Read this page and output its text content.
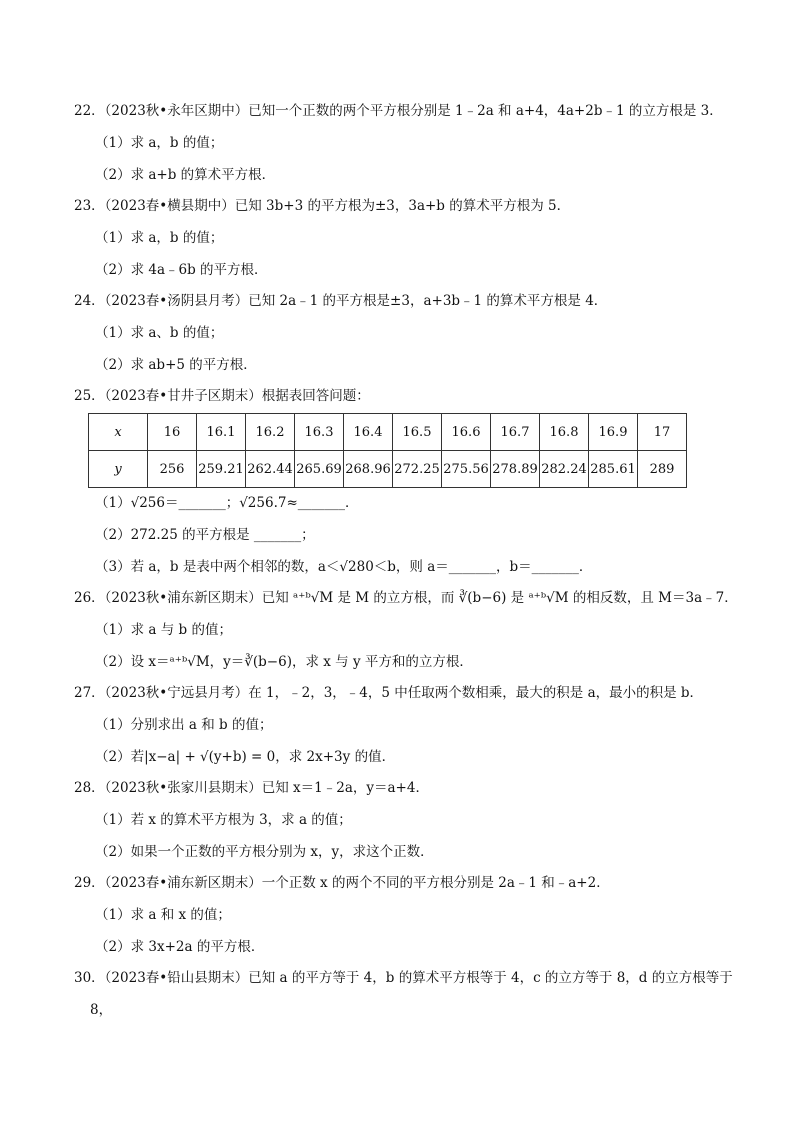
22．（2023秋•永年区期中）已知一个正数的两个平方根分别是 1﹣2a 和 a+4，4a+2b﹣1 的立方根是 3．
（1）求 a，b 的值；
（2）求 a+b 的算术平方根．
23．（2023春•横县期中）已知 3b+3 的平方根为±3，3a+b 的算术平方根为 5．
（1）求 a，b 的值；
（2）求 4a﹣6b 的平方根．
24．（2023春•汤阴县月考）已知 2a﹣1 的平方根是±3，a+3b﹣1 的算术平方根是 4．
（1）求 a、b 的值；
（2）求 ab+5 的平方根．
25．（2023春•甘井子区期末）根据表回答问题：
x	16	16.1	16.2	16.3	16.4	16.5	16.6	16.7	16.8	16.9	17
y	256	259.21	262.44	265.69	268.96	272.25	275.56	278.89	282.24	285.61	289
（1）√256＝_______；√256.7≈_______．
（2）272.25 的平方根是 _______；
（3）若 a，b 是表中两个相邻的数，a＜√280＜b，则 a＝_______，b＝_______．
26．（2023秋•浦东新区期末）已知 ᵃ⁺ᵇ√M 是 M 的立方根，而 ∛(b−6) 是 ᵃ⁺ᵇ√M 的相反数，且 M＝3a﹣7．
（1）求 a 与 b 的值；
（2）设 x＝ᵃ⁺ᵇ√M，y＝∛(b−6)，求 x 与 y 平方和的立方根．
27．（2023秋•宁远县月考）在 1，﹣2，3，﹣4，5 中任取两个数相乘，最大的积是 a，最小的积是 b．
（1）分别求出 a 和 b 的值；
（2）若|x−a| + √(y+b) = 0，求 2x+3y 的值．
28．（2023秋•张家川县期末）已知 x＝1﹣2a，y＝a+4．
（1）若 x 的算术平方根为 3，求 a 的值；
（2）如果一个正数的平方根分别为 x，y，求这个正数．
29．（2023春•浦东新区期末）一个正数 x 的两个不同的平方根分别是 2a﹣1 和﹣a+2．
（1）求 a 和 x 的值；
（2）求 3x+2a 的平方根．
30．（2023春•铅山县期末）已知 a 的平方等于 4，b 的算术平方根等于 4，c 的立方等于 8，d 的立方根等于
8，
